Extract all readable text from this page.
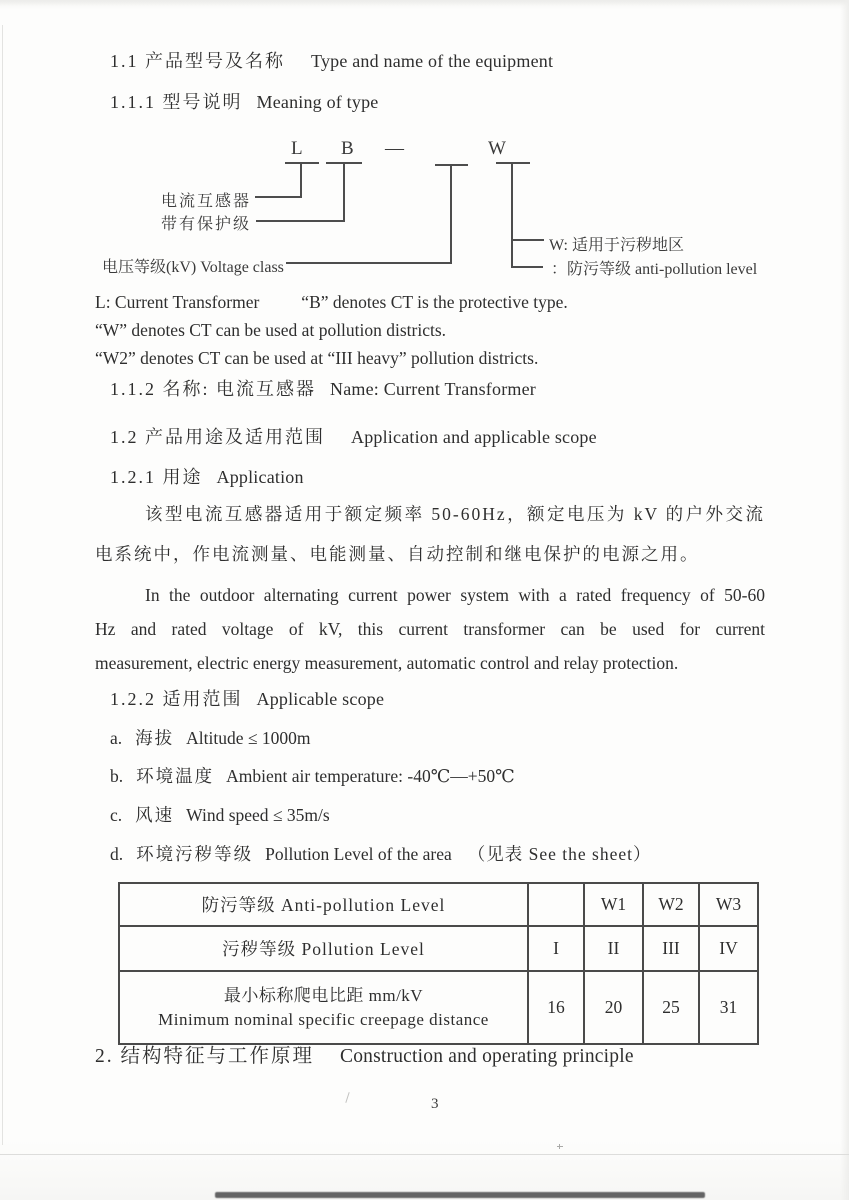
1.1 产品型号及名称 Type and name of the equipment
1.1.1 型号说明 Meaning of type
L B —	W
电流互感器
带有保护级
电压等级(kV) Voltage class
W: 适用于污秽地区
：防污等级 anti-pollution level
L: Current Transformer “B” denotes CT is the protective type.
“W” denotes CT can be used at pollution districts.
“W2” denotes CT can be used at “III heavy” pollution districts.
1.1.2 名称: 电流互感器 Name: Current Transformer
1.2 产品用途及适用范围 Application and applicable scope
1.2.1 用途 Application
该型电流互感器适用于额定频率 50-60Hz，额定电压为 kV 的户外交流
电系统中，作电流测量、电能测量、自动控制和继电保护的电源之用。
In the outdoor alternating current power system with a rated frequency of 50-60
Hz and rated voltage of kV, this current transformer can be used for current
measurement, electric energy measurement, automatic control and relay protection.
1.2.2 适用范围 Applicable scope
a. 海拔 Altitude ≤ 1000m
b. 环境温度 Ambient air temperature: -40℃—+50℃
c. 风速 Wind speed ≤ 35m/s
d. 环境污秽等级 Pollution Level of the area （见表 See the sheet）
防污等级 Anti-pollution Level		W1	W2	W3
污秽等级 Pollution Level	I	II	III	IV

最小标称爬电比距 mm/kV
Minimum nominal specific creepage distance	16	20	25	31
2. 结构特征与工作原理 Construction and operating principle
3
